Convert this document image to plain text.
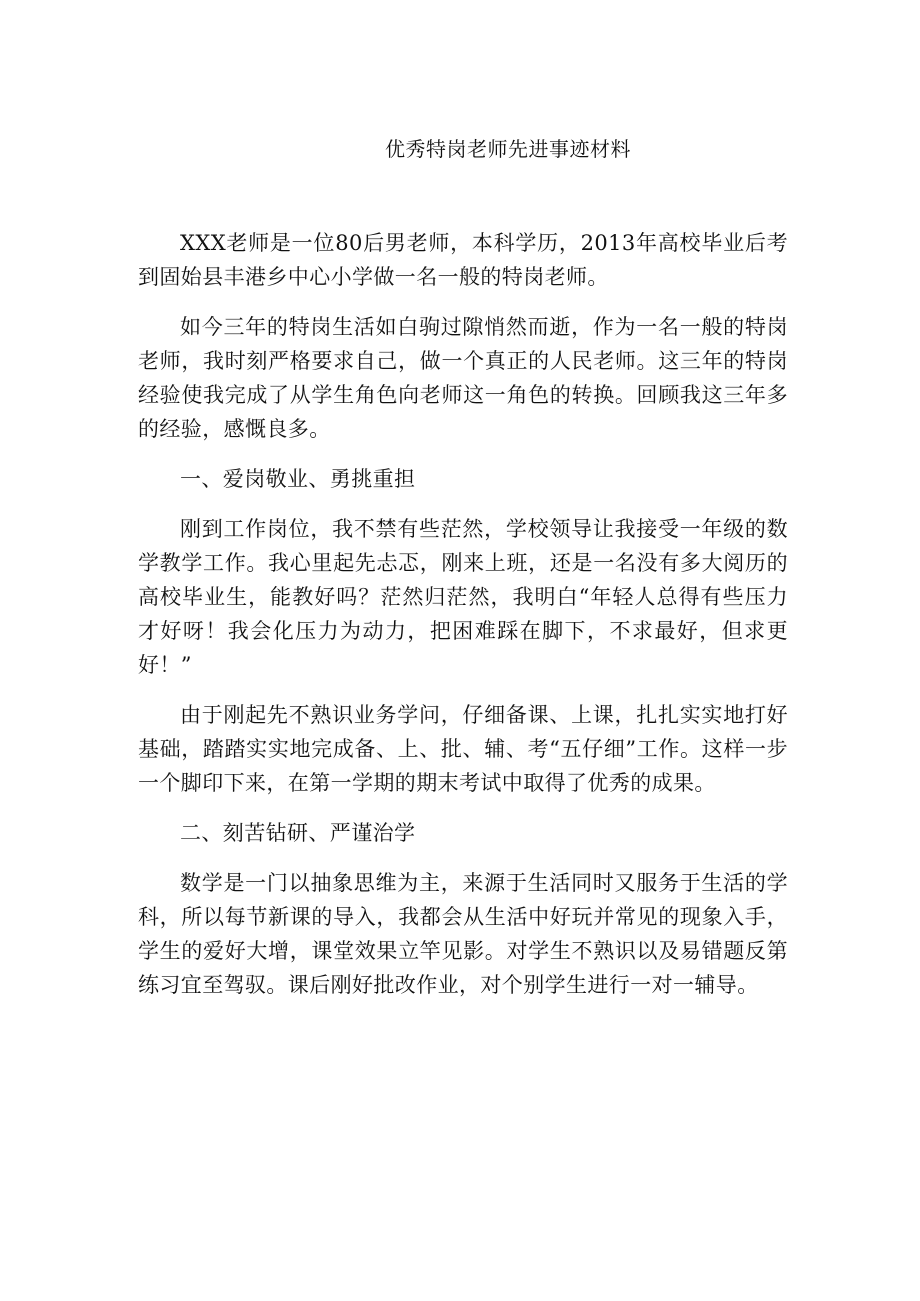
优秀特岗老师先进事迹材料

XXX老师是一位80后男老师，本科学历，2013年高校毕业后考到固始县丰港乡中心小学做一名一般的特岗老师。

如今三年的特岗生活如白驹过隙悄然而逝，作为一名一般的特岗老师，我时刻严格要求自己，做一个真正的人民老师。这三年的特岗经验使我完成了从学生角色向老师这一角色的转换。回顾我这三年多的经验，感慨良多。

一、爱岗敬业、勇挑重担

刚到工作岗位，我不禁有些茫然，学校领导让我接受一年级的数学教学工作。我心里起先忐忑，刚来上班，还是一名没有多大阅历的高校毕业生，能教好吗？茫然归茫然，我明白“年轻人总得有些压力才好呀！我会化压力为动力，把困难踩在脚下，不求最好，但求更好！”

由于刚起先不熟识业务学问，仔细备课、上课，扎扎实实地打好基础，踏踏实实地完成备、上、批、辅、考“五仔细”工作。这样一步一个脚印下来，在第一学期的期末考试中取得了优秀的成果。

二、刻苦钻研、严谨治学

数学是一门以抽象思维为主，来源于生活同时又服务于生活的学科，所以每节新课的导入，我都会从生活中好玩并常见的现象入手，学生的爱好大增，课堂效果立竿见影。对学生不熟识以及易错题反第练习宜至驾驭。课后刚好批改作业，对个别学生进行一对一辅导。
